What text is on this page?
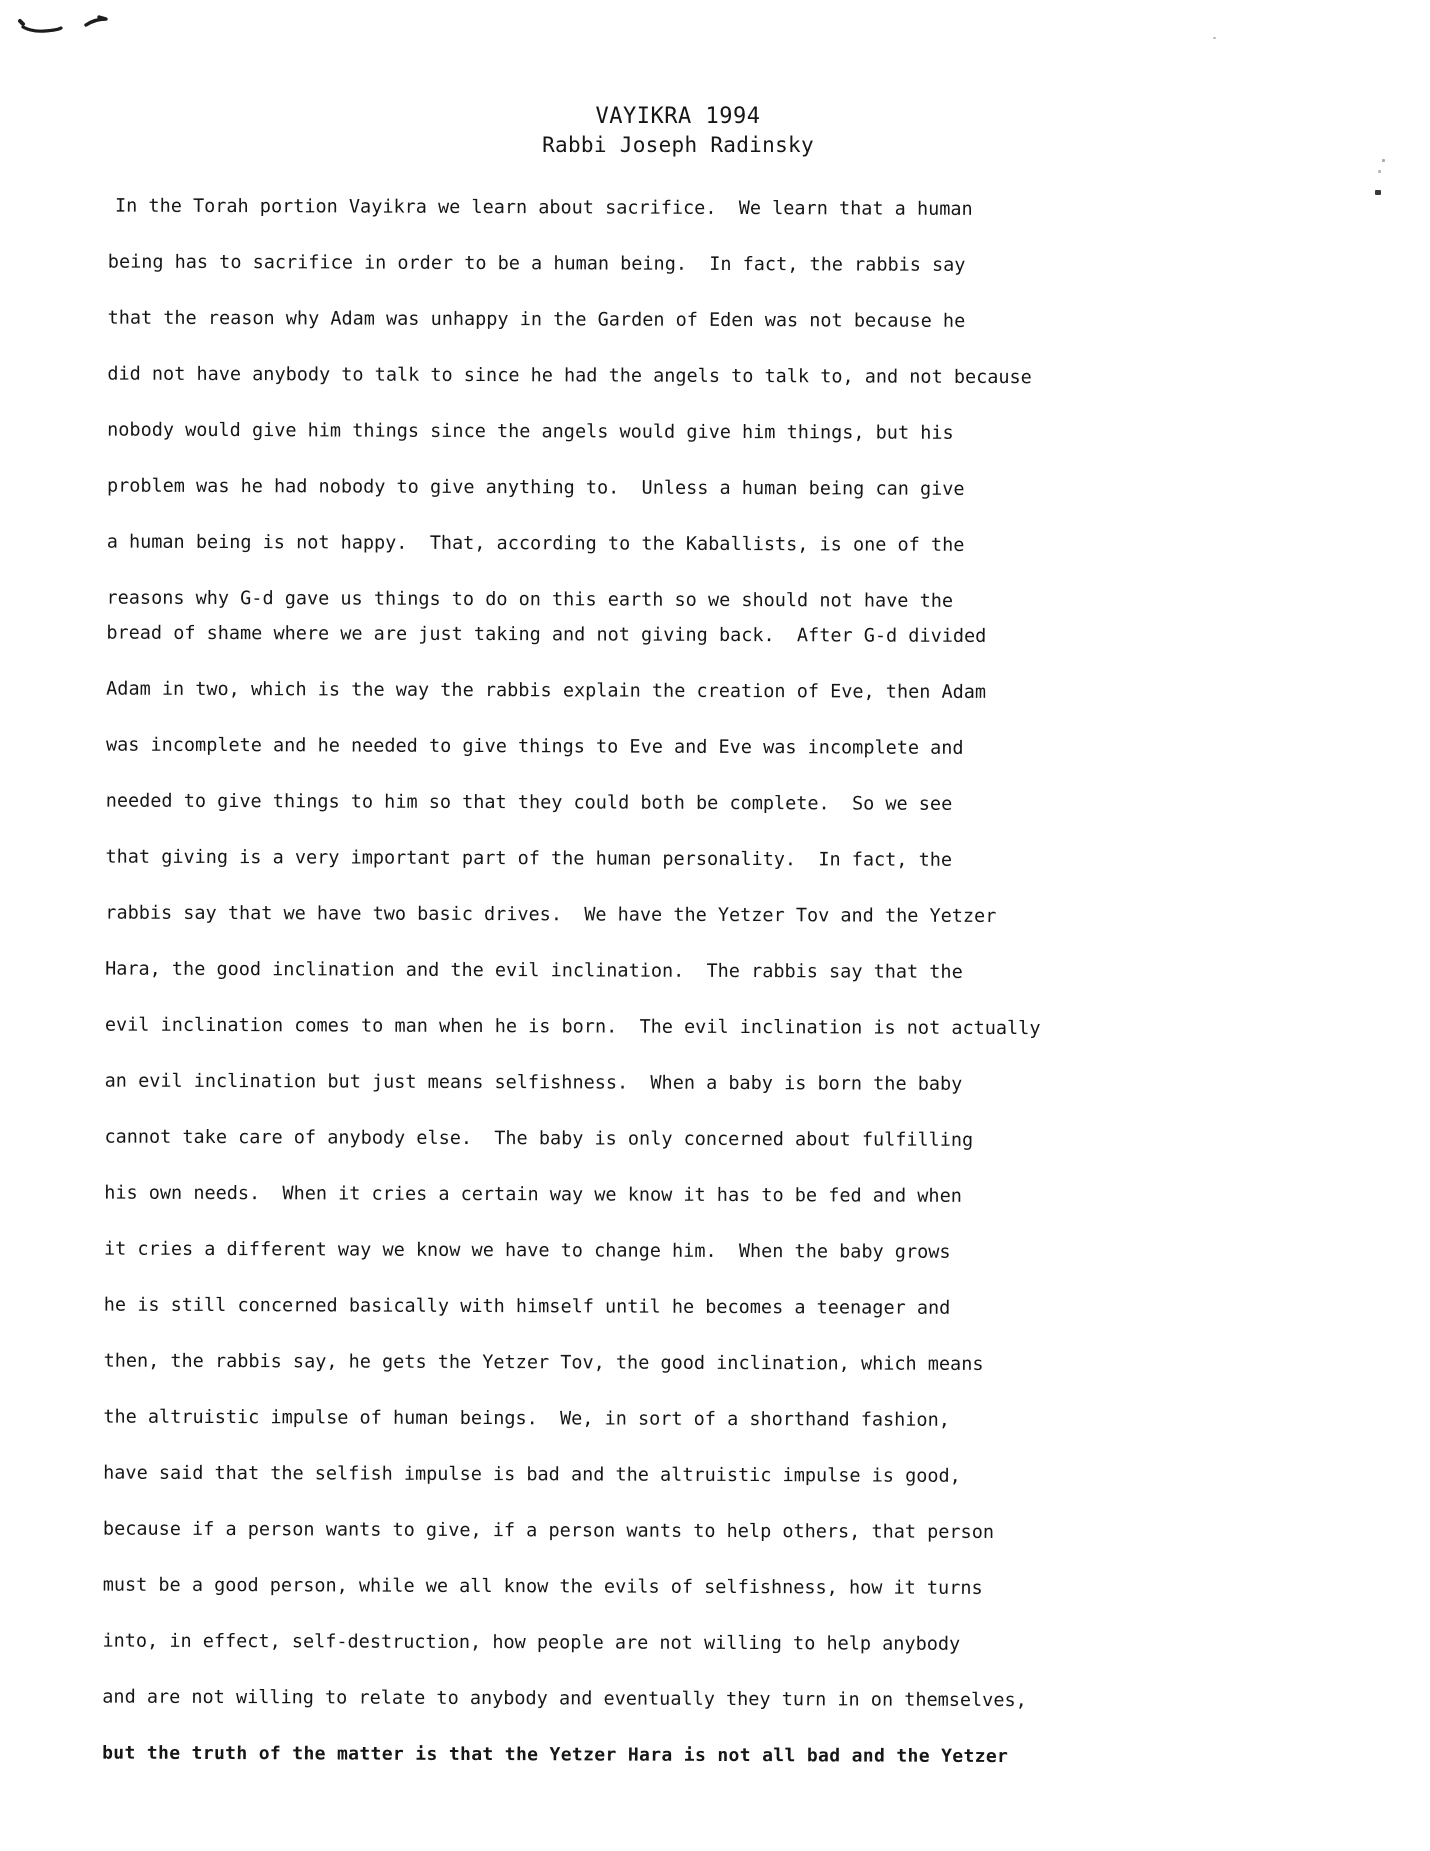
VAYIKRA 1994
Rabbi Joseph Radinsky
In the Torah portion Vayikra we learn about sacrifice.  We learn that a human
being has to sacrifice in order to be a human being.  In fact, the rabbis say
that the reason why Adam was unhappy in the Garden of Eden was not because he
did not have anybody to talk to since he had the angels to talk to, and not because
nobody would give him things since the angels would give him things, but his
problem was he had nobody to give anything to.  Unless a human being can give
a human being is not happy.  That, according to the Kaballists, is one of the
reasons why G-d gave us things to do on this earth so we should not have the
bread of shame where we are just taking and not giving back.  After G-d divided
Adam in two, which is the way the rabbis explain the creation of Eve, then Adam
was incomplete and he needed to give things to Eve and Eve was incomplete and
needed to give things to him so that they could both be complete.  So we see
that giving is a very important part of the human personality.  In fact, the
rabbis say that we have two basic drives.  We have the Yetzer Tov and the Yetzer
Hara, the good inclination and the evil inclination.  The rabbis say that the
evil inclination comes to man when he is born.  The evil inclination is not actually
an evil inclination but just means selfishness.  When a baby is born the baby
cannot take care of anybody else.  The baby is only concerned about fulfilling
his own needs.  When it cries a certain way we know it has to be fed and when
it cries a different way we know we have to change him.  When the baby grows
he is still concerned basically with himself until he becomes a teenager and
then, the rabbis say, he gets the Yetzer Tov, the good inclination, which means
the altruistic impulse of human beings.  We, in sort of a shorthand fashion,
have said that the selfish impulse is bad and the altruistic impulse is good,
because if a person wants to give, if a person wants to help others, that person
must be a good person, while we all know the evils of selfishness, how it turns
into, in effect, self-destruction, how people are not willing to help anybody
and are not willing to relate to anybody and eventually they turn in on themselves,
but the truth of the matter is that the Yetzer Hara is not all bad and the Yetzer
